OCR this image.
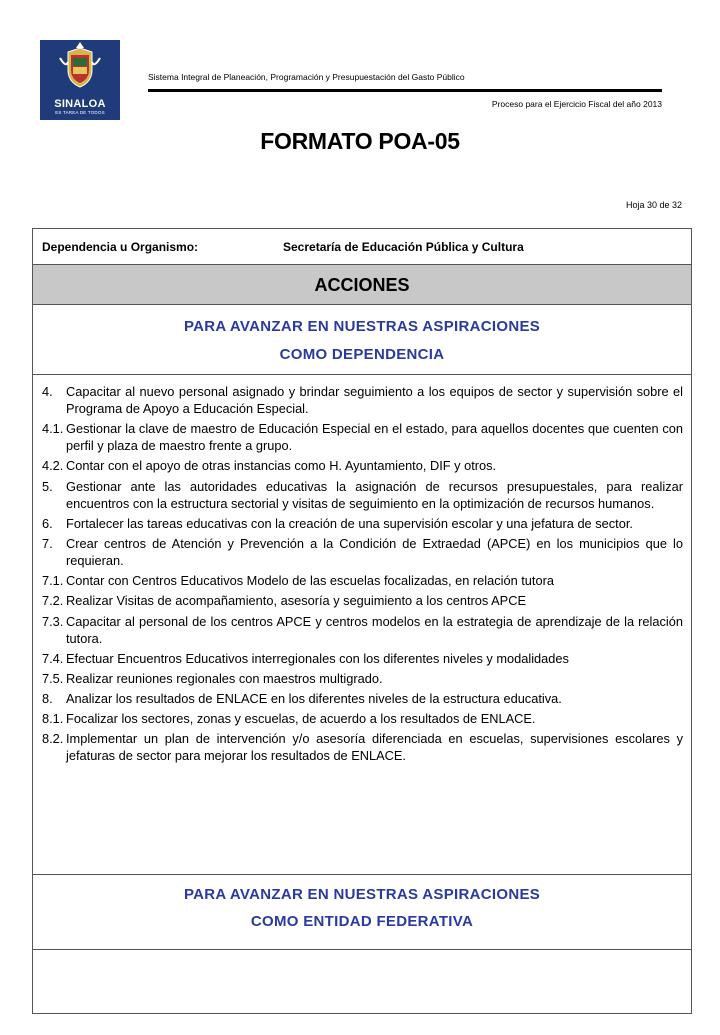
SINALOA
ES TAREA DE TODOS
Sistema Integral de Planeación, Programación y Presupuestación del Gasto Público
Proceso para el Ejercicio Fiscal del año 2013
FORMATO POA-05
Hoja 30 de 32
Dependencia u Organismo:	Secretaría de Educación Pública y Cultura
ACCIONES
PARA AVANZAR EN NUESTRAS ASPIRACIONES
COMO DEPENDENCIA
4.	Capacitar al nuevo personal asignado y brindar seguimiento a los equipos de sector y supervisión sobre el Programa de Apoyo a Educación Especial.
4.1. Gestionar la clave de maestro de Educación Especial en el estado, para aquellos docentes que cuenten con perfil y plaza de maestro frente a grupo.
4.2. Contar con el apoyo de otras instancias como H. Ayuntamiento, DIF y otros.
5.	Gestionar ante las autoridades educativas la asignación de recursos presupuestales, para realizar encuentros con la estructura sectorial y visitas de seguimiento en la optimización de recursos humanos.
6.	Fortalecer las tareas educativas con la creación de una supervisión escolar y una jefatura de sector.
7.	Crear centros de Atención y Prevención a la Condición de Extraedad (APCE) en los municipios que lo requieran.
7.1. Contar con Centros Educativos Modelo de las escuelas focalizadas, en relación tutora
7.2. Realizar Visitas de acompañamiento, asesoría y seguimiento a los centros APCE
7.3. Capacitar al personal de los centros APCE y centros modelos en la estrategia de aprendizaje de la relación tutora.
7.4. Efectuar Encuentros Educativos interregionales con los diferentes niveles y modalidades
7.5. Realizar reuniones regionales con maestros multigrado.
8.	Analizar los resultados de ENLACE en los diferentes niveles de la estructura educativa.
8.1. Focalizar los sectores, zonas y escuelas, de acuerdo a los resultados de ENLACE.
8.2. Implementar un plan de intervención y/o asesoría diferenciada en escuelas, supervisiones escolares y jefaturas de sector para mejorar los resultados de ENLACE.
PARA AVANZAR EN NUESTRAS ASPIRACIONES
COMO ENTIDAD FEDERATIVA
